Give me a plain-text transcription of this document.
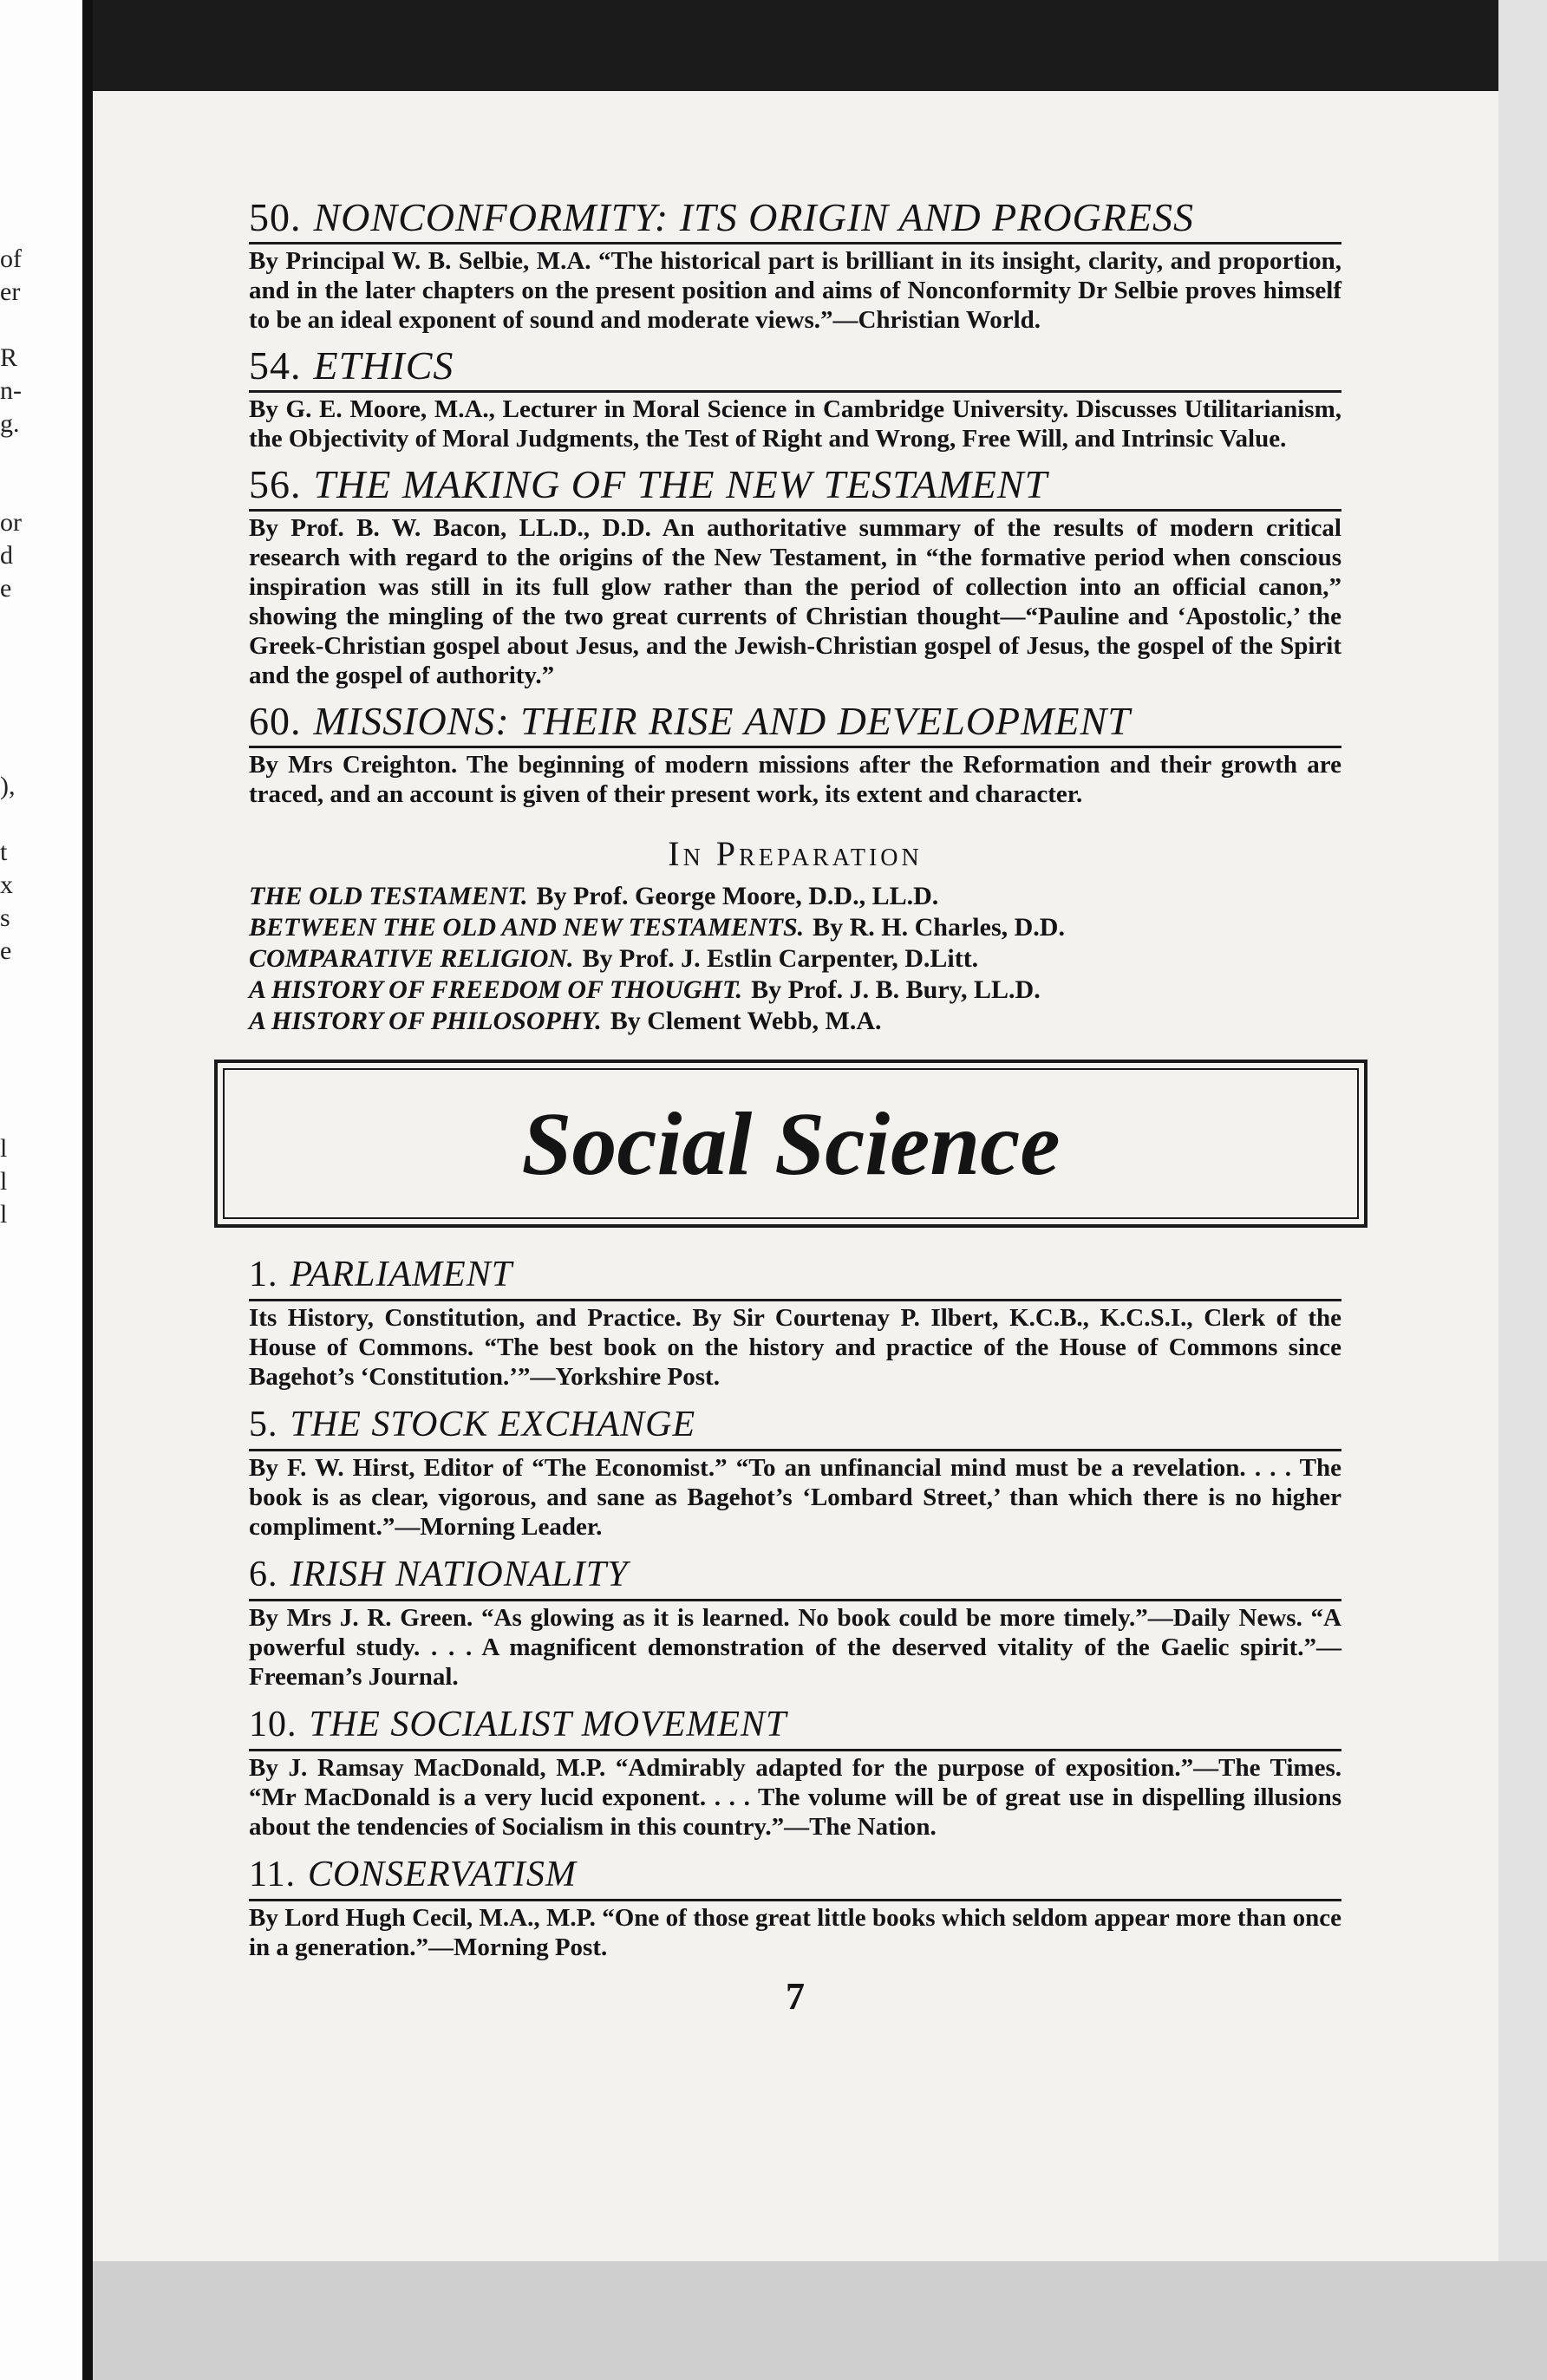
of
er
R
n-
g.
or
d
e
),
t
x
s
e
l
l
l
50. NONCONFORMITY: ITS ORIGIN AND PROGRESS
By Principal W. B. Selbie, M.A. “The historical part is brilliant in its insight, clarity, and proportion, and in the later chapters on the present position and aims of Nonconformity Dr Selbie proves himself to be an ideal exponent of sound and moderate views.”—Christian World.
54. ETHICS
By G. E. Moore, M.A., Lecturer in Moral Science in Cambridge University. Discusses Utilitarianism, the Objectivity of Moral Judgments, the Test of Right and Wrong, Free Will, and Intrinsic Value.
56. THE MAKING OF THE NEW TESTAMENT
By Prof. B. W. Bacon, LL.D., D.D. An authoritative summary of the results of modern critical research with regard to the origins of the New Testament, in “the formative period when conscious inspiration was still in its full glow rather than the period of collection into an official canon,” showing the mingling of the two great currents of Christian thought—“Pauline and ‘Apostolic,’ the Greek-Christian gospel about Jesus, and the Jewish-Christian gospel of Jesus, the gospel of the Spirit and the gospel of authority.”
60. MISSIONS: THEIR RISE AND DEVELOPMENT
By Mrs Creighton. The beginning of modern missions after the Reformation and their growth are traced, and an account is given of their present work, its extent and character.
In Preparation
THE OLD TESTAMENT. By Prof. George Moore, D.D., LL.D.
BETWEEN THE OLD AND NEW TESTAMENTS. By R. H. Charles, D.D.
COMPARATIVE RELIGION. By Prof. J. Estlin Carpenter, D.Litt.
A HISTORY OF FREEDOM OF THOUGHT. By Prof. J. B. Bury, LL.D.
A HISTORY OF PHILOSOPHY. By Clement Webb, M.A.
Social Science
1. PARLIAMENT
Its History, Constitution, and Practice. By Sir Courtenay P. Ilbert, K.C.B., K.C.S.I., Clerk of the House of Commons. “The best book on the history and practice of the House of Commons since Bagehot’s ‘Constitution.’”—Yorkshire Post.
5. THE STOCK EXCHANGE
By F. W. Hirst, Editor of “The Economist.” “To an unfinancial mind must be a revelation. . . . The book is as clear, vigorous, and sane as Bagehot’s ‘Lombard Street,’ than which there is no higher compliment.”—Morning Leader.
6. IRISH NATIONALITY
By Mrs J. R. Green. “As glowing as it is learned. No book could be more timely.”—Daily News. “A powerful study. . . . A magnificent demonstration of the deserved vitality of the Gaelic spirit.”—Freeman’s Journal.
10. THE SOCIALIST MOVEMENT
By J. Ramsay MacDonald, M.P. “Admirably adapted for the purpose of exposition.”—The Times. “Mr MacDonald is a very lucid exponent. . . . The volume will be of great use in dispelling illusions about the tendencies of Socialism in this country.”—The Nation.
11. CONSERVATISM
By Lord Hugh Cecil, M.A., M.P. “One of those great little books which seldom appear more than once in a generation.”—Morning Post.
7
